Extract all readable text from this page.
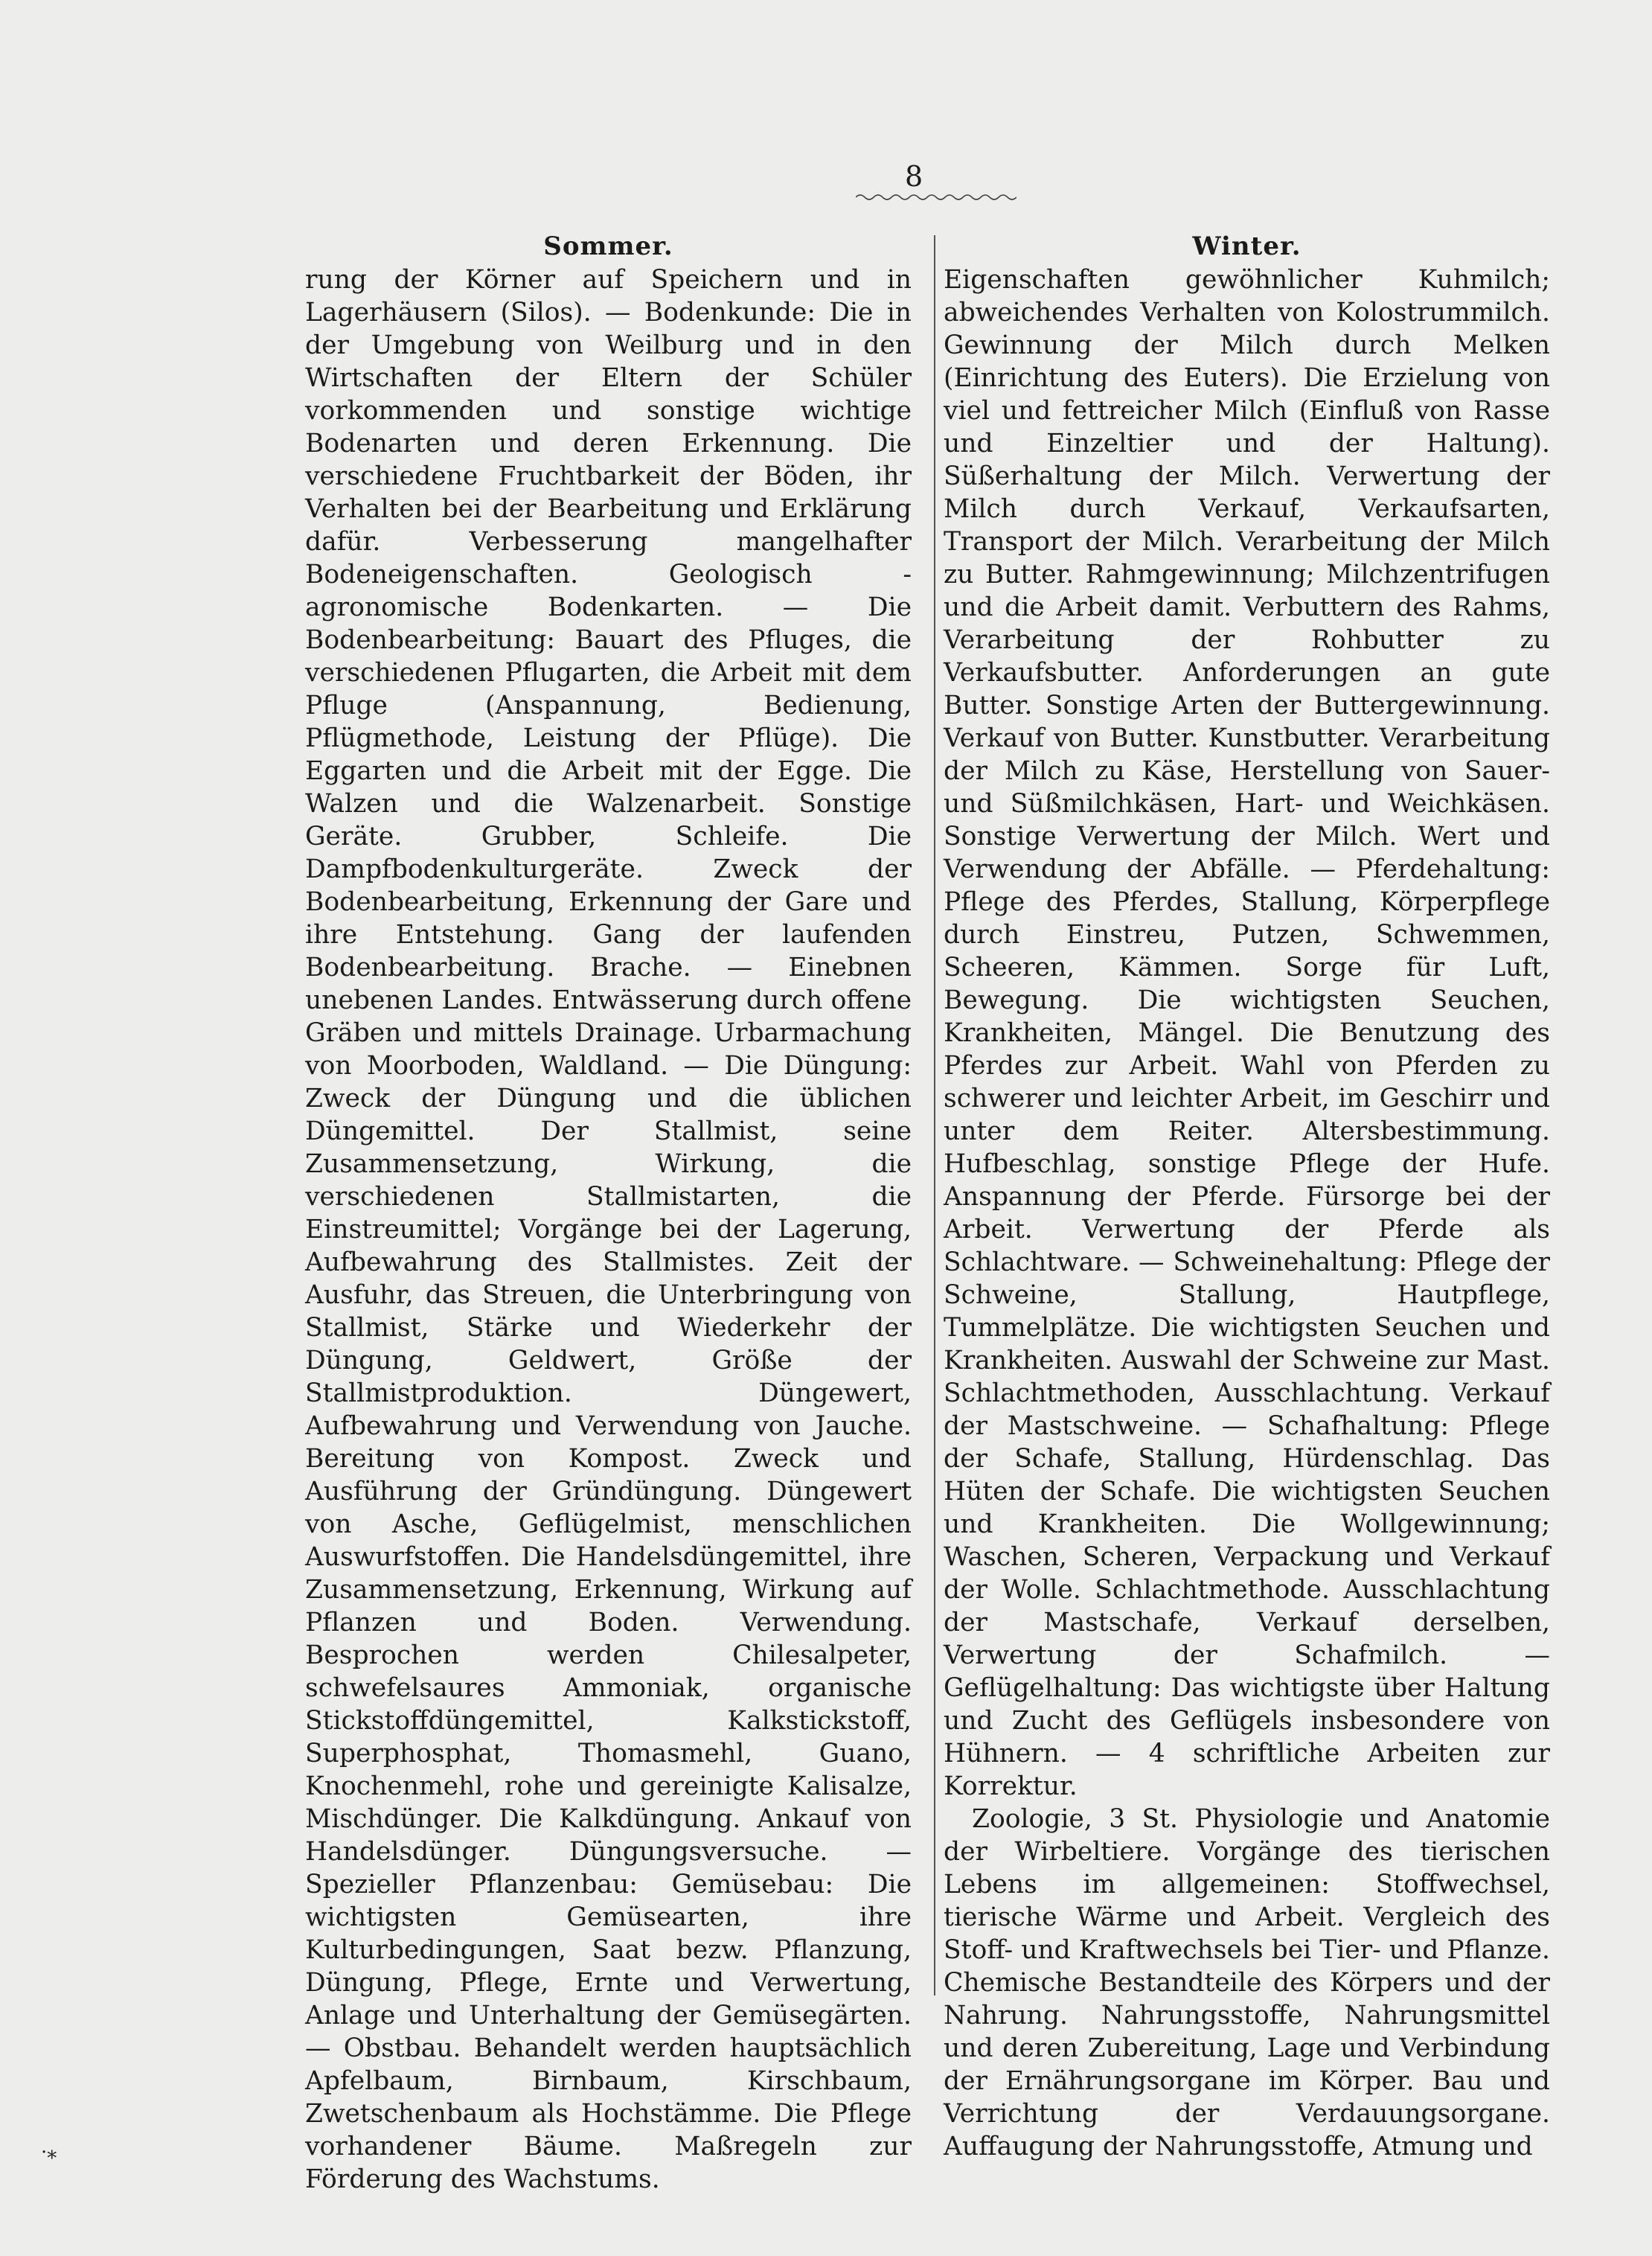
8
Sommer.

rung der Körner auf Speichern und in Lagerhäusern (Silos). — Bodenkunde: Die in der Umgebung von Weilburg und in den Wirtschaften der Eltern der Schüler vorkommenden und sonstige wichtige Bodenarten und deren Erkennung. Die verschiedene Fruchtbarkeit der Böden, ihr Verhalten bei der Bearbeitung und Erklärung dafür. Verbesserung mangelhafter Bodeneigenschaften. Geologisch - agronomische Bodenkarten. — Die Bodenbearbeitung: Bauart des Pfluges, die verschiedenen Pflugarten, die Arbeit mit dem Pfluge (Anspannung, Bedienung, Pflügmethode, Leistung der Pflüge). Die Eggarten und die Arbeit mit der Egge. Die Walzen und die Walzenarbeit. Sonstige Geräte. Grubber, Schleife. Die Dampfbodenkulturgeräte. Zweck der Bodenbearbeitung, Erkennung der Gare und ihre Entstehung. Gang der laufenden Bodenbearbeitung. Brache. — Einebnen unebenen Landes. Entwässerung durch offene Gräben und mittels Drainage. Urbarmachung von Moorboden, Waldland. — Die Düngung: Zweck der Düngung und die üblichen Düngemittel. Der Stallmist, seine Zusammensetzung, Wirkung, die verschiedenen Stallmistarten, die Einstreumittel; Vorgänge bei der Lagerung, Aufbewahrung des Stallmistes. Zeit der Ausfuhr, das Streuen, die Unterbringung von Stallmist, Stärke und Wiederkehr der Düngung, Geldwert, Größe der Stallmistproduktion. Düngewert, Aufbewahrung und Verwendung von Jauche. Bereitung von Kompost. Zweck und Ausführung der Gründüngung. Düngewert von Asche, Geflügelmist, menschlichen Auswurfstoffen. Die Handelsdüngemittel, ihre Zusammensetzung, Erkennung, Wirkung auf Pflanzen und Boden. Verwendung. Besprochen werden Chilesalpeter, schwefelsaures Ammoniak, organische Stickstoffdüngemittel, Kalkstickstoff, Superphosphat, Thomasmehl, Guano, Knochenmehl, rohe und gereinigte Kalisalze, Mischdünger. Die Kalkdüngung. Ankauf von Handelsdünger. Düngungsversuche. — Spezieller Pflanzenbau: Gemüsebau: Die wichtigsten Gemüsearten, ihre Kulturbedingungen, Saat bezw. Pflanzung, Düngung, Pflege, Ernte und Verwertung, Anlage und Unterhaltung der Gemüsegärten. — Obstbau. Behandelt werden hauptsächlich Apfelbaum, Birnbaum, Kirschbaum, Zwetschenbaum als Hochstämme. Die Pflege vorhandener Bäume. Maßregeln zur Förderung des Wachstums.

Winter.

Eigenschaften gewöhnlicher Kuhmilch; abweichendes Verhalten von Kolostrummilch. Gewinnung der Milch durch Melken (Einrichtung des Euters). Die Erzielung von viel und fettreicher Milch (Einfluß von Rasse und Einzeltier und der Haltung). Süßerhaltung der Milch. Verwertung der Milch durch Verkauf, Verkaufsarten, Transport der Milch. Verarbeitung der Milch zu Butter. Rahmgewinnung; Milchzentrifugen und die Arbeit damit. Verbuttern des Rahms, Verarbeitung der Rohbutter zu Verkaufsbutter. Anforderungen an gute Butter. Sonstige Arten der Buttergewinnung. Verkauf von Butter. Kunstbutter. Verarbeitung der Milch zu Käse, Herstellung von Sauer- und Süßmilchkäsen, Hart- und Weichkäsen. Sonstige Verwertung der Milch. Wert und Verwendung der Abfälle. — Pferdehaltung: Pflege des Pferdes, Stallung, Körperpflege durch Einstreu, Putzen, Schwemmen, Scheeren, Kämmen. Sorge für Luft, Bewegung. Die wichtigsten Seuchen, Krankheiten, Mängel. Die Benutzung des Pferdes zur Arbeit. Wahl von Pferden zu schwerer und leichter Arbeit, im Geschirr und unter dem Reiter. Altersbestimmung. Hufbeschlag, sonstige Pflege der Hufe. Anspannung der Pferde. Fürsorge bei der Arbeit. Verwertung der Pferde als Schlachtware. — Schweinehaltung: Pflege der Schweine, Stallung, Hautpflege, Tummelplätze. Die wichtigsten Seuchen und Krankheiten. Auswahl der Schweine zur Mast. Schlachtmethoden, Ausschlachtung. Verkauf der Mastschweine. — Schafhaltung: Pflege der Schafe, Stallung, Hürdenschlag. Das Hüten der Schafe. Die wichtigsten Seuchen und Krankheiten. Die Wollgewinnung; Waschen, Scheren, Verpackung und Verkauf der Wolle. Schlachtmethode. Ausschlachtung der Mastschafe, Verkauf derselben, Verwertung der Schafmilch. — Geflügelhaltung: Das wichtigste über Haltung und Zucht des Geflügels insbesondere von Hühnern. — 4 schriftliche Arbeiten zur Korrektur.

Zoologie, 3 St. Physiologie und Anatomie der Wirbeltiere. Vorgänge des tierischen Lebens im allgemeinen: Stoffwechsel, tierische Wärme und Arbeit. Vergleich des Stoff- und Kraftwechsels bei Tier- und Pflanze. Chemische Bestandteile des Körpers und der Nahrung. Nahrungsstoffe, Nahrungsmittel und deren Zubereitung, Lage und Verbindung der Ernährungsorgane im Körper. Bau und Verrichtung der Verdauungsorgane. Auffaugung der Nahrungsstoffe, Atmung und

·⁎
